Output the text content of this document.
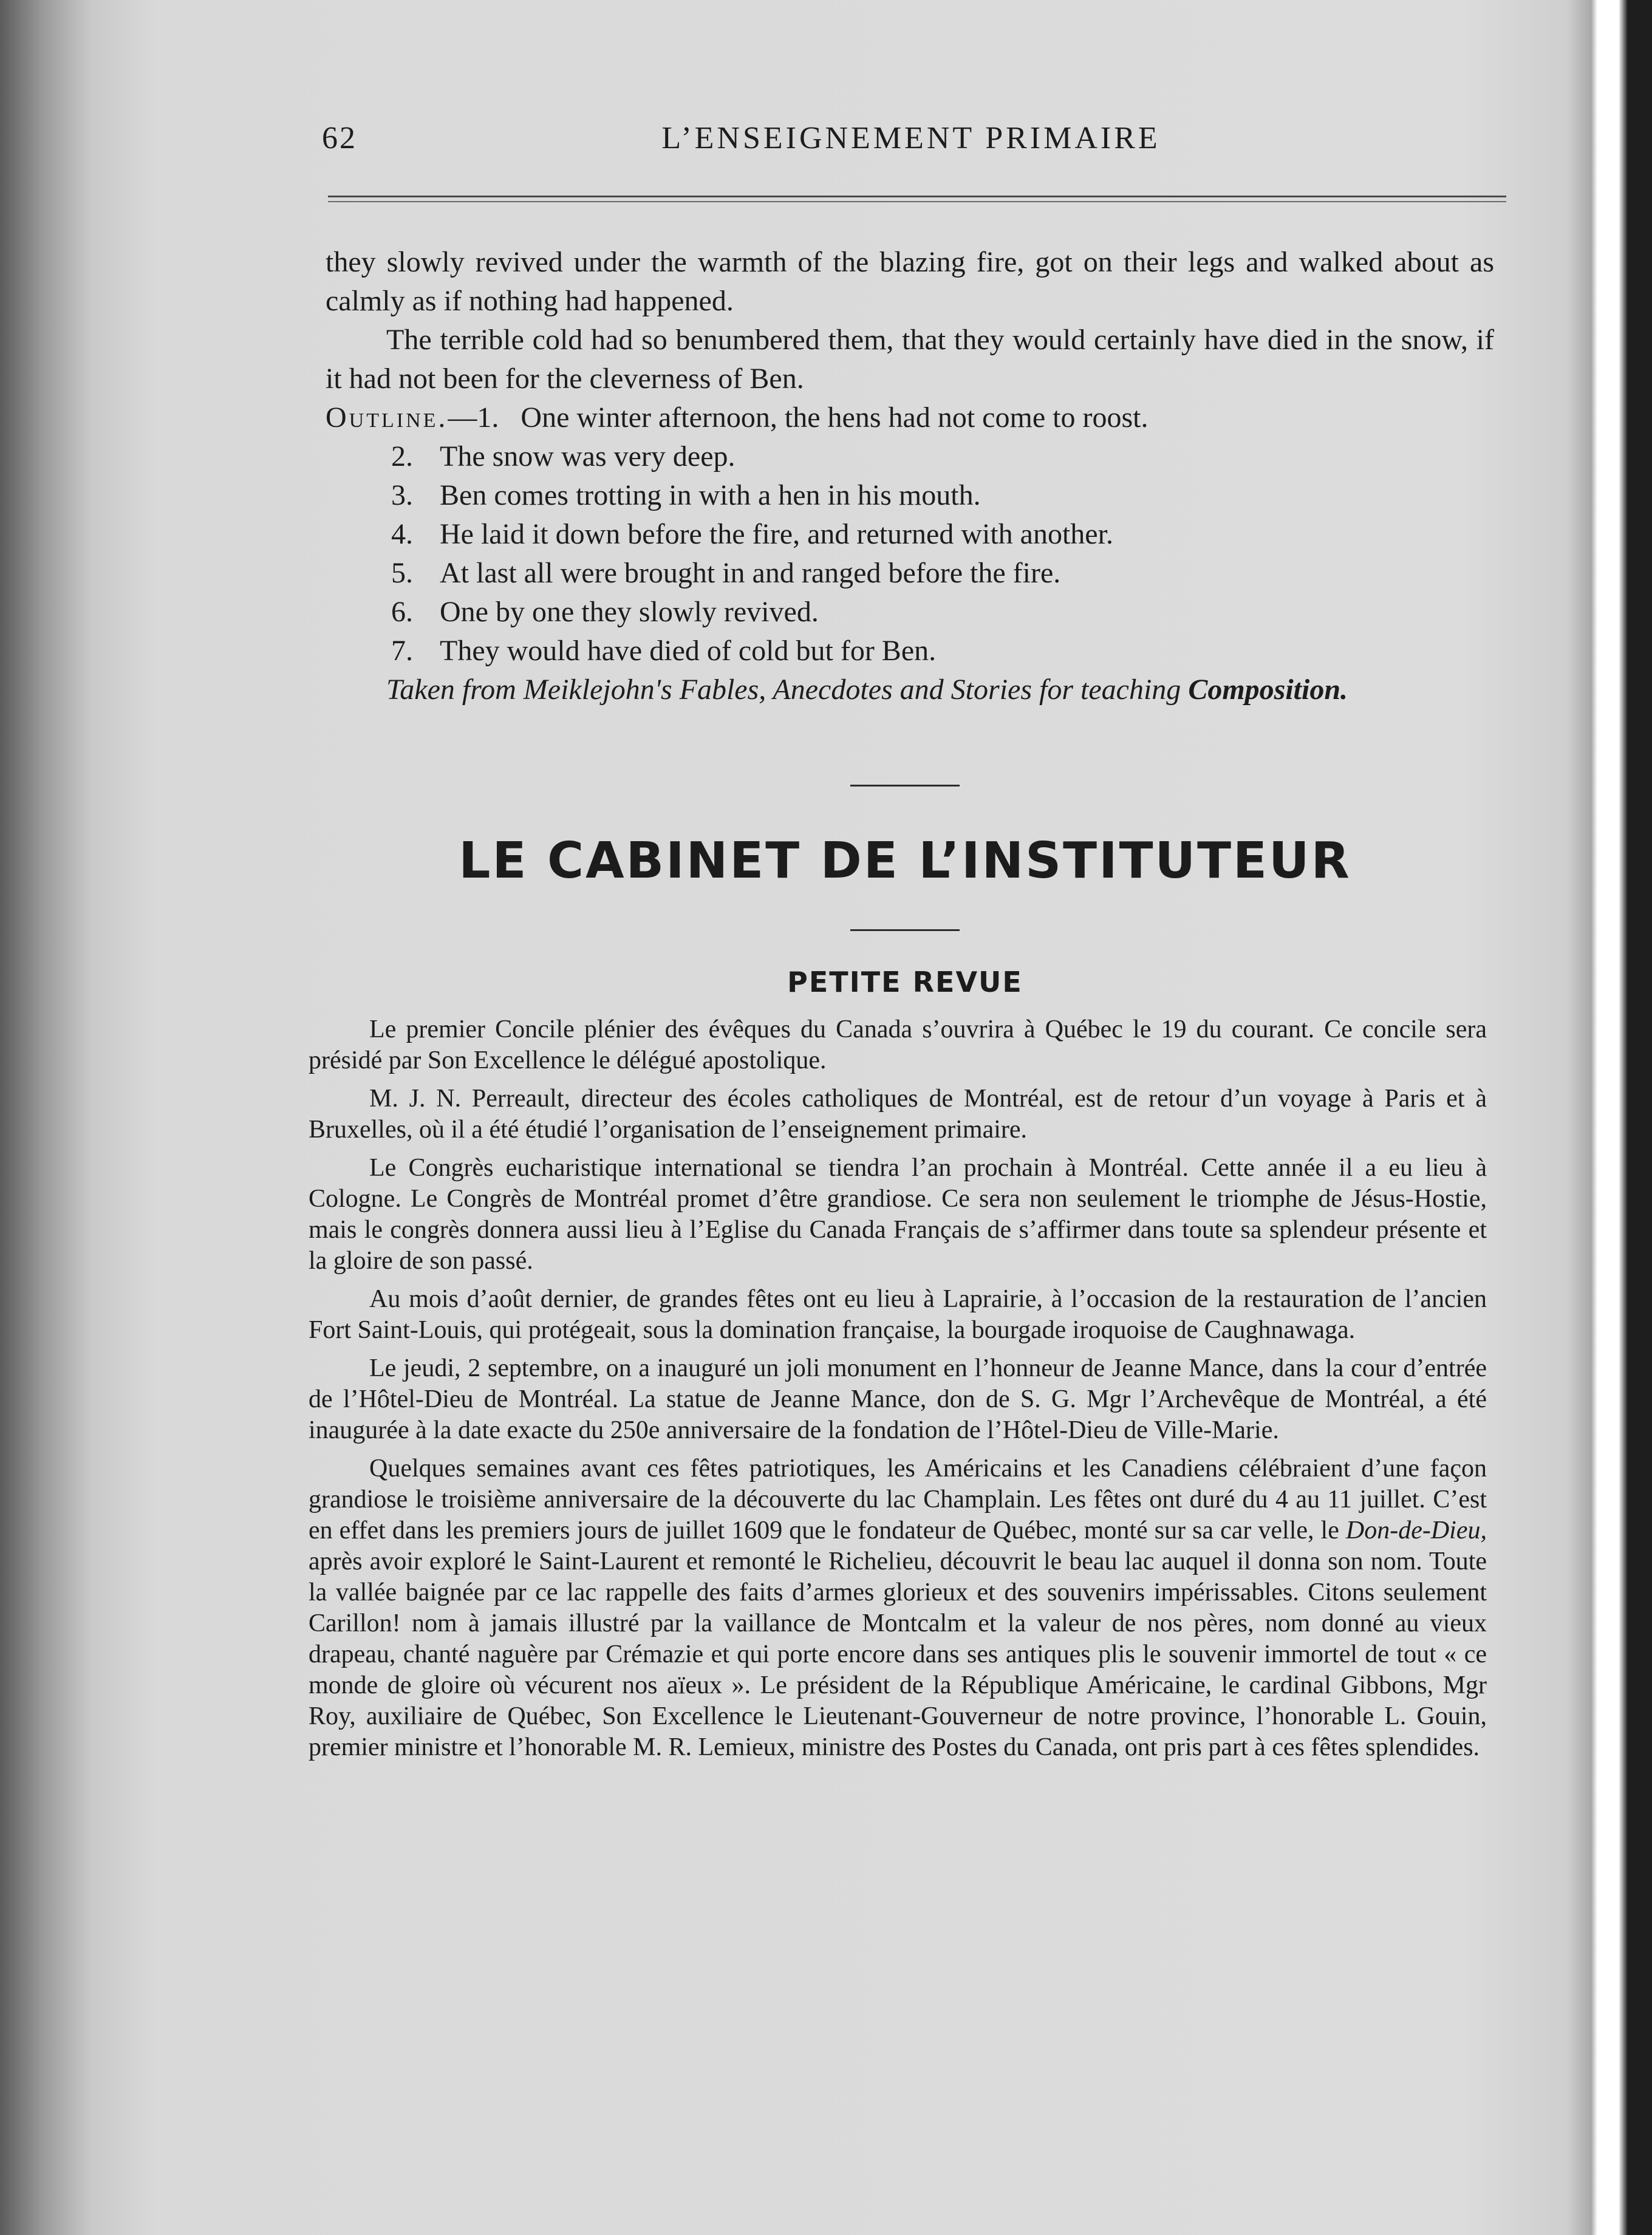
62	L’ENSEIGNEMENT PRIMAIRE

they slowly revived under the warmth of the blazing fire, got on their legs and walked about as calmly as if nothing had happened.

The terrible cold had so benumbered them, that they would certainly have died in the snow, if it had not been for the cleverness of Ben.

Outline.—1. One winter afternoon, the hens had not come to roost.

2. The snow was very deep.
3. Ben comes trotting in with a hen in his mouth.
4. He laid it down before the fire, and returned with another.
5. At last all were brought in and ranged before the fire.
6. One by one they slowly revived.
7. They would have died of cold but for Ben.

Taken from Meiklejohn's Fables, Anecdotes and Stories for teaching Composition.

LE CABINET DE L’INSTITUTEUR
PETITE REVUE

Le premier Concile plénier des évêques du Canada s’ouvrira à Québec le 19 du courant. Ce concile sera présidé par Son Excellence le délégué apostolique.

M. J. N. Perreault, directeur des écoles catholiques de Montréal, est de retour d’un voyage à Paris et à Bruxelles, où il a été étudié l’organisation de l’enseignement primaire.

Le Congrès eucharistique international se tiendra l’an prochain à Montréal. Cette année il a eu lieu à Cologne. Le Congrès de Montréal promet d’être grandiose. Ce sera non seulement le triomphe de Jésus-Hostie, mais le congrès donnera aussi lieu à l’Eglise du Canada Français de s’affirmer dans toute sa splendeur présente et la gloire de son passé.

Au mois d’août dernier, de grandes fêtes ont eu lieu à Laprairie, à l’occasion de la restauration de l’ancien Fort Saint-Louis, qui protégeait, sous la domination française, la bourgade iroquoise de Caughnawaga.

Le jeudi, 2 septembre, on a inauguré un joli monument en l’honneur de Jeanne Mance, dans la cour d’entrée de l’Hôtel-Dieu de Montréal. La statue de Jeanne Mance, don de S. G. Mgr l’Archevêque de Montréal, a été inaugurée à la date exacte du 250e anniversaire de la fondation de l’Hôtel-Dieu de Ville-Marie.

Quelques semaines avant ces fêtes patriotiques, les Américains et les Canadiens célébraient d’une façon grandiose le troisième anniversaire de la découverte du lac Champlain. Les fêtes ont duré du 4 au 11 juillet. C’est en effet dans les premiers jours de juillet 1609 que le fondateur de Québec, monté sur sa car velle, le Don-de-Dieu, après avoir exploré le Saint-Laurent et remonté le Richelieu, découvrit le beau lac auquel il donna son nom. Toute la vallée baignée par ce lac rappelle des faits d’armes glorieux et des souvenirs impérissables. Citons seulement Carillon! nom à jamais illustré par la vaillance de Montcalm et la valeur de nos pères, nom donné au vieux drapeau, chanté naguère par Crémazie et qui porte encore dans ses antiques plis le souvenir immortel de tout « ce monde de gloire où vécurent nos aïeux ». Le président de la République Américaine, le cardinal Gibbons, Mgr Roy, auxiliaire de Québec, Son Excellence le Lieutenant-Gouverneur de notre province, l’honorable L. Gouin, premier ministre et l’honorable M. R. Lemieux, ministre des Postes du Canada, ont pris part à ces fêtes splendides.
